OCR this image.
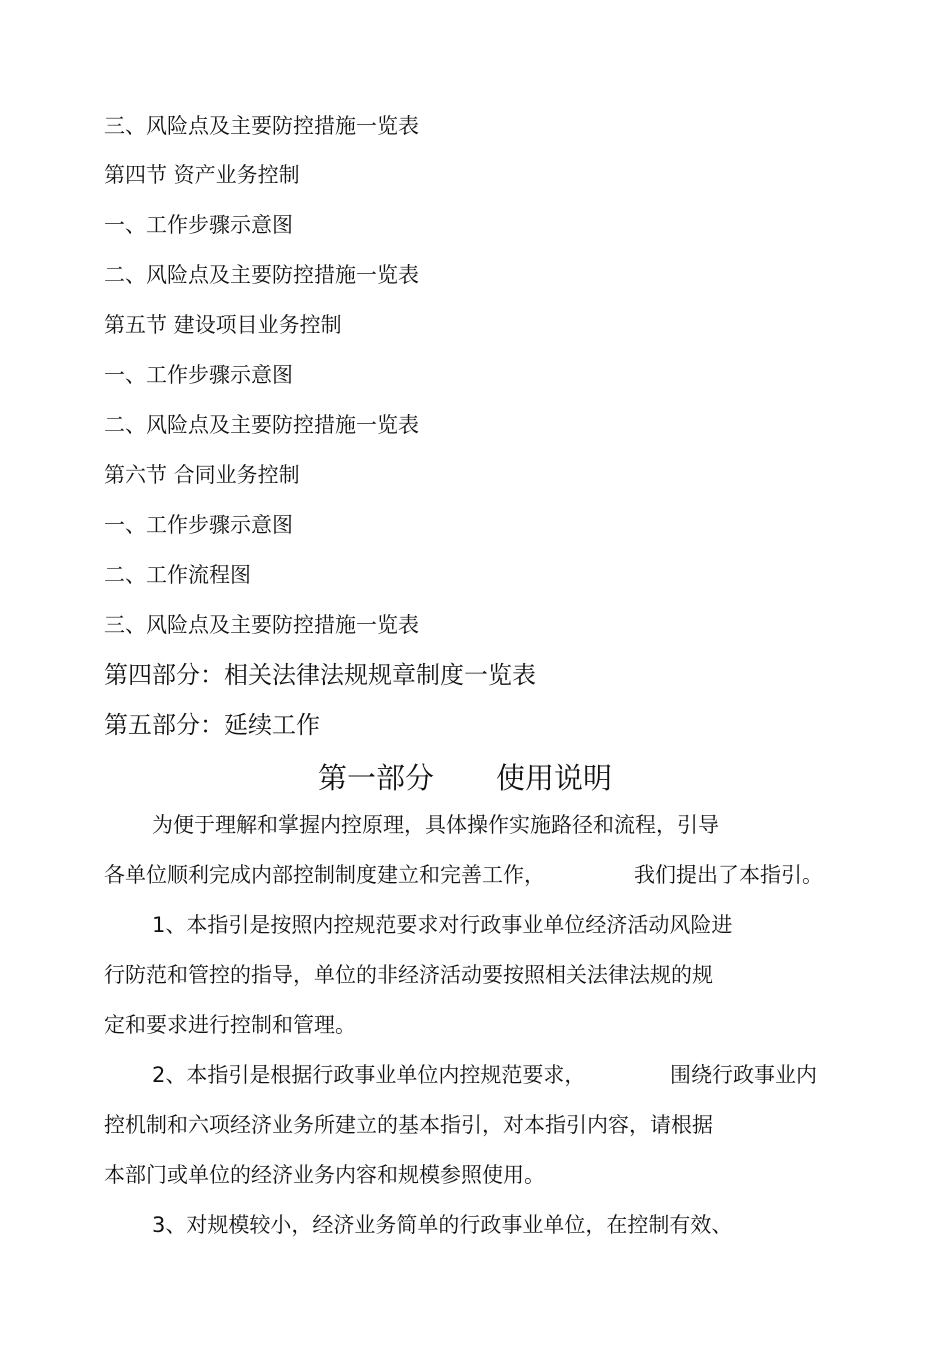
三、风险点及主要防控措施一览表
第四节 资产业务控制
一、工作步骤示意图
二、风险点及主要防控措施一览表
第五节 建设项目业务控制
一、工作步骤示意图
二、风险点及主要防控措施一览表
第六节 合同业务控制
一、工作步骤示意图
二、工作流程图
三、风险点及主要防控措施一览表
第四部分：相关法律法规规章制度一览表
第五部分：延续工作
第一部分 使用说明
为便于理解和掌握内控原理，具体操作实施路径和流程，引导
各单位顺利完成内部控制制度建立和完善工作，	我们提出了本指引。
1、本指引是按照内控规范要求对行政事业单位经济活动风险进
行防范和管控的指导，单位的非经济活动要按照相关法律法规的规
定和要求进行控制和管理。
2、本指引是根据行政事业单位内控规范要求，	围绕行政事业内
控机制和六项经济业务所建立的基本指引，对本指引内容，请根据
本部门或单位的经济业务内容和规模参照使用。
3、对规模较小，经济业务简单的行政事业单位，在控制有效、
